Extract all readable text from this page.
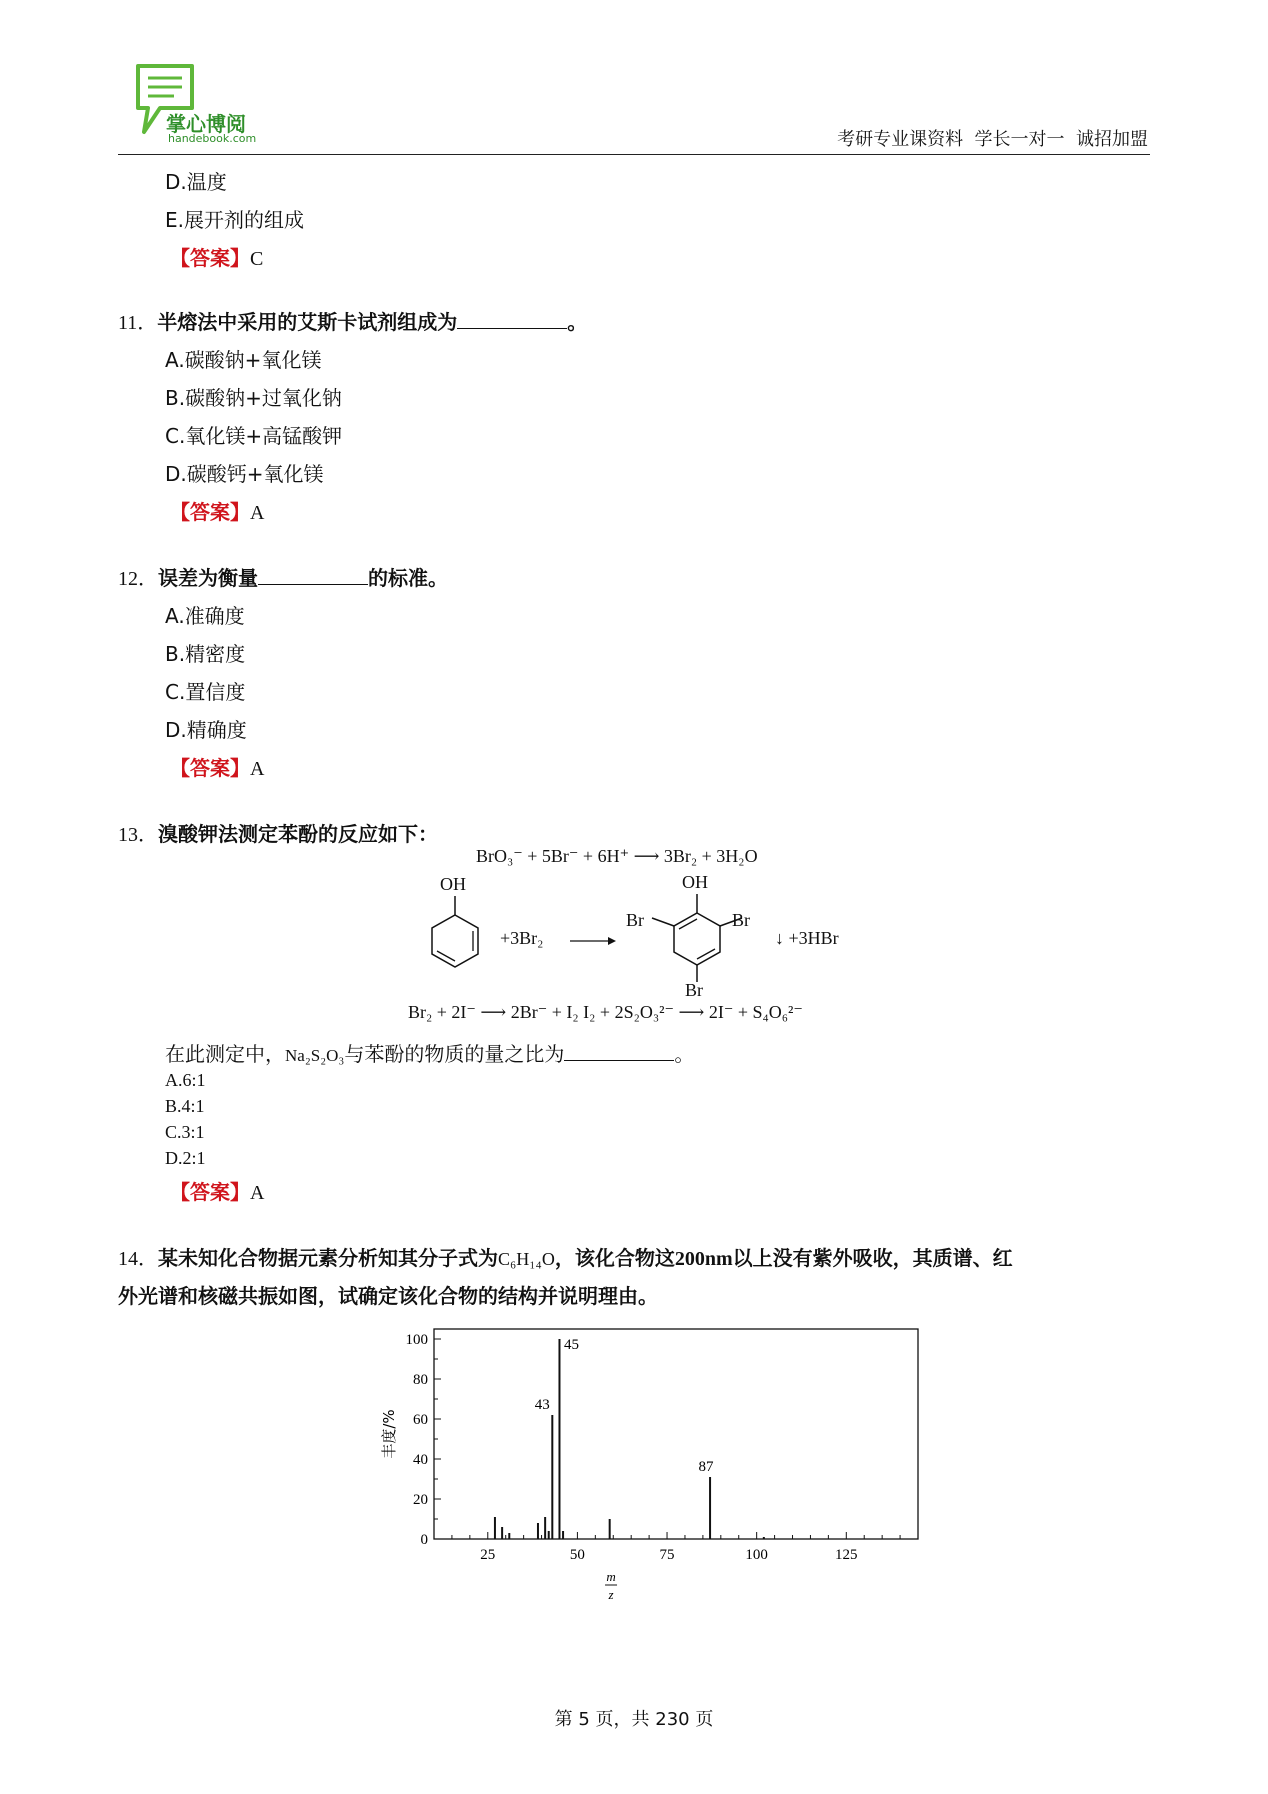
掌心博阅
handebook.com	考研专业课资料  学长一对一  诚招加盟
D.温度
E.展开剂的组成
【答案】C
11．半熔法中采用的艾斯卡试剂组成为	。
A.碳酸钠+氧化镁
B.碳酸钠+过氧化钠
C.氧化镁+高锰酸钾
D.碳酸钙+氧化镁
【答案】A
12．误差为衡量	的标准。
A.准确度
B.精密度
C.置信度
D.精确度
【答案】A
13．溴酸钾法测定苯酚的反应如下：
BrO₃⁻ + 5Br⁻ + 6H⁺ ⟶ 3Br₂ + 3H₂O
OH
+3Br₂
OH
Br	Br
Br
↓ +3HBr
Br₂ + 2I⁻ ⟶ 2Br⁻ + I₂ I₂ + 2S₂O₃²⁻ ⟶ 2I⁻ + S₄O₆²⁻
在此测定中，Na₂S₂O₃与苯酚的物质的量之比为	。
A.6:1
B.4:1
C.3:1
D.2:1
【答案】A
14．某未知化合物据元素分析知其分子式为C₆H₁₄O，该化合物这200nm以上没有紫外吸收，其质谱、红
外光谱和核磁共振如图，试确定该化合物的结构并说明理由。
25	50	75	100	125
0
20
40
60
80
100
43
45
87
丰度/%
m
z
第 5 页，共 230 页
